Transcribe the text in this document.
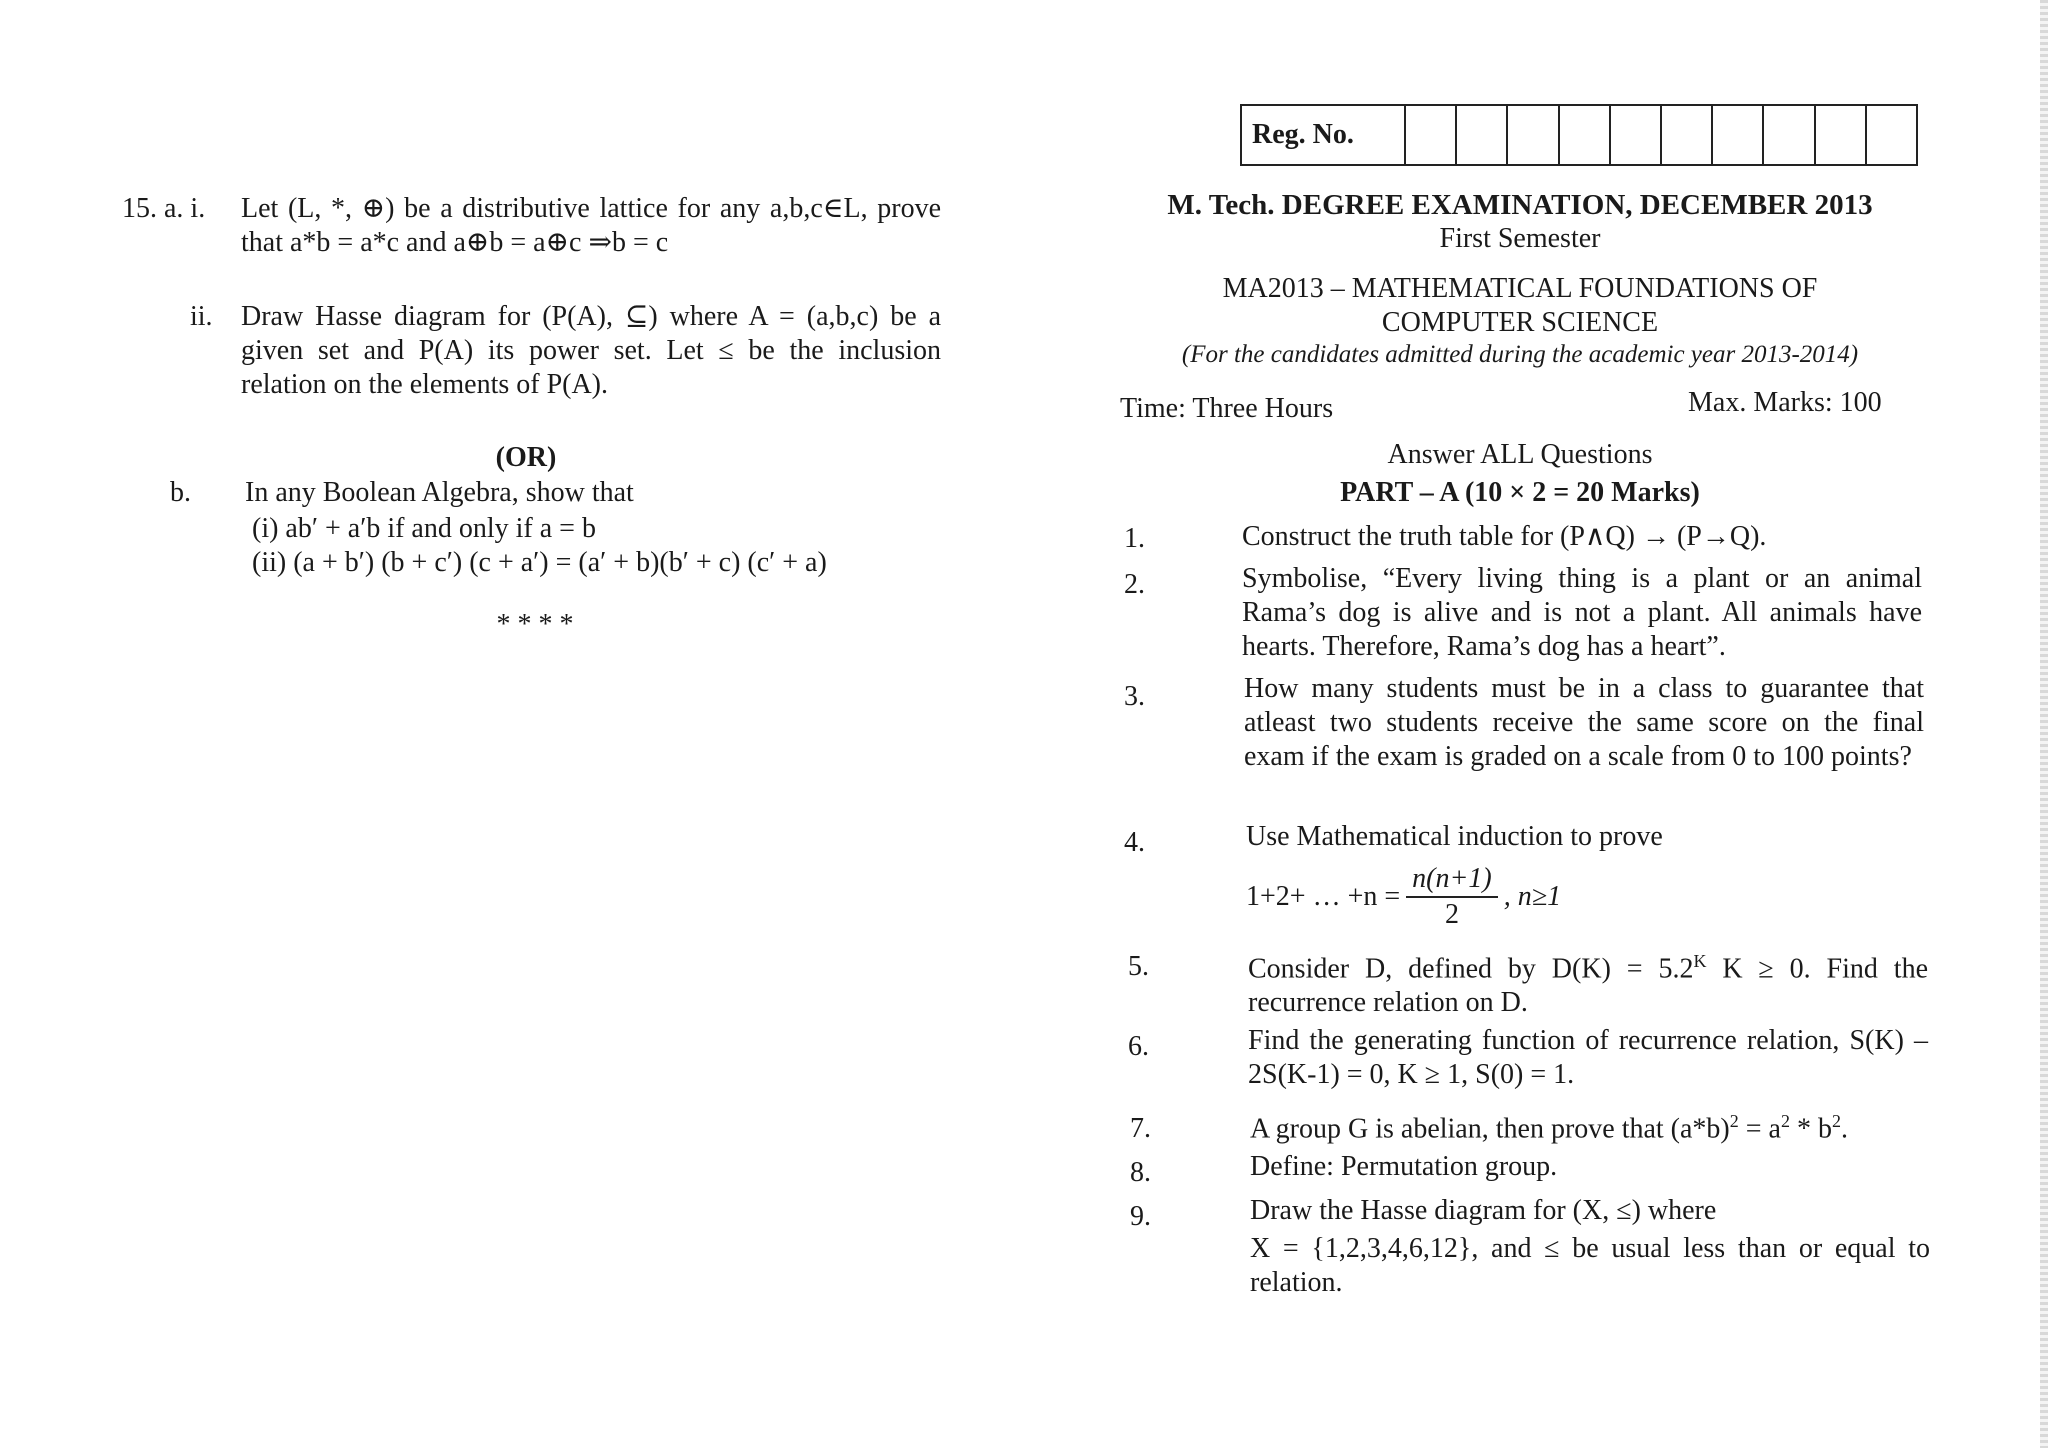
15. a. i. Let (L, *, ⊕) be a distributive lattice for any a,b,c∈L, prove that a*b = a*c and a⊕b = a⊕c ⇒b = c
ii. Draw Hasse diagram for (P(A), ⊆) where A = (a,b,c) be a given set and P(A) its power set. Let ≤ be the inclusion relation on the elements of P(A).
(OR)
b. In any Boolean Algebra, show that
(i) ab′ + a′b if and only if a = b
(ii) (a + b′) (b + c′) (c + a′) = (a′ + b)(b′ + c) (c′ + a)
* * * *
Reg. No.
M. Tech. DEGREE EXAMINATION, DECEMBER 2013
First Semester
MA2013 – MATHEMATICAL FOUNDATIONS OF
COMPUTER SCIENCE
(For the candidates admitted during the academic year 2013-2014)
Time: Three Hours	Max. Marks: 100
Answer ALL Questions
PART – A (10 × 2 = 20 Marks)
1.	Construct the truth table for (P∧Q) → (P→Q).
2.	Symbolise, “Every living thing is a plant or an animal Rama’s dog is alive and is not a plant. All animals have hearts. Therefore, Rama’s dog has a heart”.
3.	How many students must be in a class to guarantee that atleast two students receive the same score on the final exam if the exam is graded on a scale from 0 to 100 points?
4.	Use Mathematical induction to prove
1+2+ … $+n = \frac{n(n+1)}{2}$ , n≥1
5.	Consider D, defined by $D(K) = 5.2^K$ K ≥ 0. Find the recurrence relation on D.
6.	Find the generating function of recurrence relation, S(K) – 2S(K-1) = 0, K ≥ 1, S(0) = 1.
7.	A group G is abelian, then prove that $(a*b)^2 = a^2 * b^2$.
8.	Define: Permutation group.
9.	Draw the Hasse diagram for (X, ≤) where
X = {1,2,3,4,6,12}, and ≤ be usual less than or equal to relation.
